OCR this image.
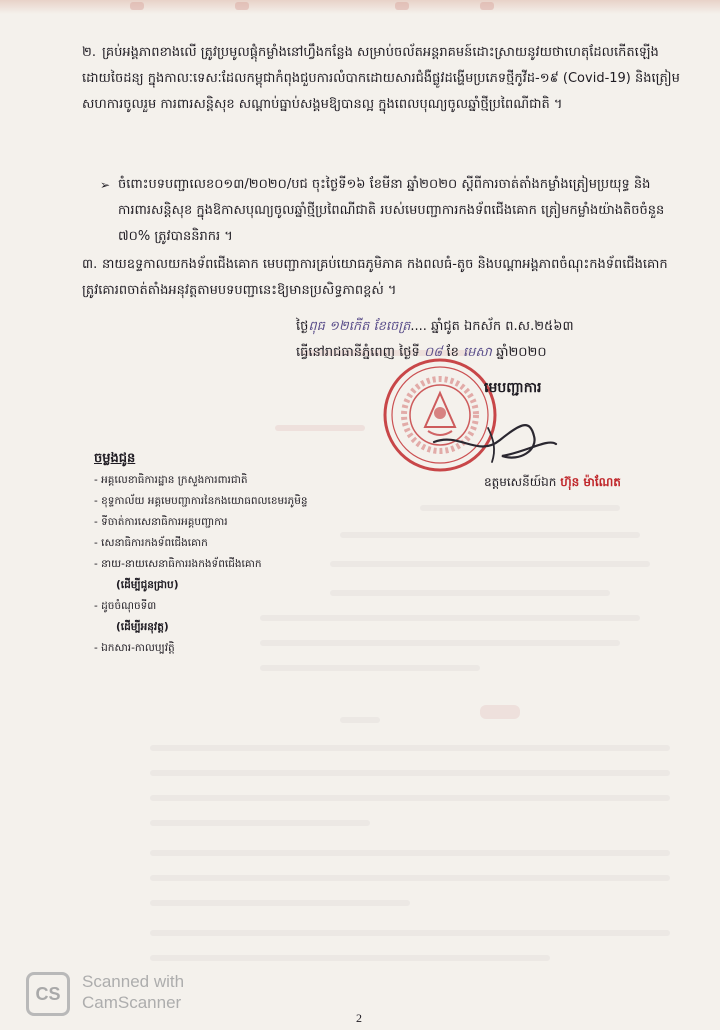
២. គ្រប់អង្គភាពខាងលើ ត្រូវប្រមូលផ្តុំកម្លាំងនៅហ្វឹងកន្លែង សម្រាប់ចល័តអន្តរាគមន៍ដោះស្រាយនូវយថាហេតុដែលកើតឡើងដោយចៃដន្យ ក្នុងកាលៈទេសៈដែលកម្ពុជាកំពុងជួបការលំបាកដោយសារជំងឺផ្លូវដង្ហើមប្រភេទថ្មីកូវីដ-១៩ (Covid-19) និងត្រៀមសហការចូលរួម ការពារសន្តិសុខ សណ្តាប់ធ្នាប់សង្គមឱ្យបានល្អ ក្នុងពេលបុណ្យចូលឆ្នាំថ្មីប្រពៃណីជាតិ ។
➢ ចំពោះបទបញ្ជាលេខ០១៣/២០២០/បជ ចុះថ្ងៃទី១៦ ខែមីនា ឆ្នាំ២០២០ ស្តីពីការចាត់តាំងកម្លាំងត្រៀមប្រយុទ្ធ និងការពារសន្តិសុខ ក្នុងឱកាសបុណ្យចូលឆ្នាំថ្មីប្រពៃណីជាតិ របស់មេបញ្ជាការកងទ័ពជើងគោក ត្រៀមកម្លាំងយ៉ាងតិចចំនួន ៧០% ត្រូវបាននិរាករ ។
៣. នាយឧទ្ទកាលយកងទ័ពជើងគោក មេបញ្ជាការគ្រប់យោធភូមិភាគ កងពលធំ-តូច និងបណ្តាអង្គភាពចំណុះកងទ័ពជើងគោក ត្រូវគោរពចាត់តាំងអនុវត្តតាមបទបញ្ជានេះឱ្យមានប្រសិទ្ធភាពខ្ពស់ ។
ថ្ងៃពុធ ១២កើត ខែចេត្រ.... ឆ្នាំជូត ឯកស័ក ព.ស.២៥៦៣
ធ្វើនៅរាជធានីភ្នំពេញ ថ្ងៃទី ០៨ ខែ មេសា ឆ្នាំ២០២០
មេបញ្ជាការ
ឧត្តមសេនីយ៍ឯក ហ៊ុន ម៉ាណែត
ចម្លងជូន
- អគ្គលេខាធិការដ្ឋាន ក្រសួងការពារជាតិ
- ខុទ្ទកាល័យ អគ្គមេបញ្ជាការនៃកងយោធពលខេមរភូមិន្ទ
- ទីចាត់ការសេនាធិការអគ្គបញ្ជាការ
- សេនាធិការកងទ័ពជើងគោក
- នាយ-នាយសេនាធិការរងកងទ័ពជើងគោក
(ដើម្បីជូនជ្រាប)
- ដូចចំណុចទី៣
(ដើម្បីអនុវត្ត)
- ឯកសារ-កាលប្បវត្តិ
CS
Scanned with
CamScanner
2
